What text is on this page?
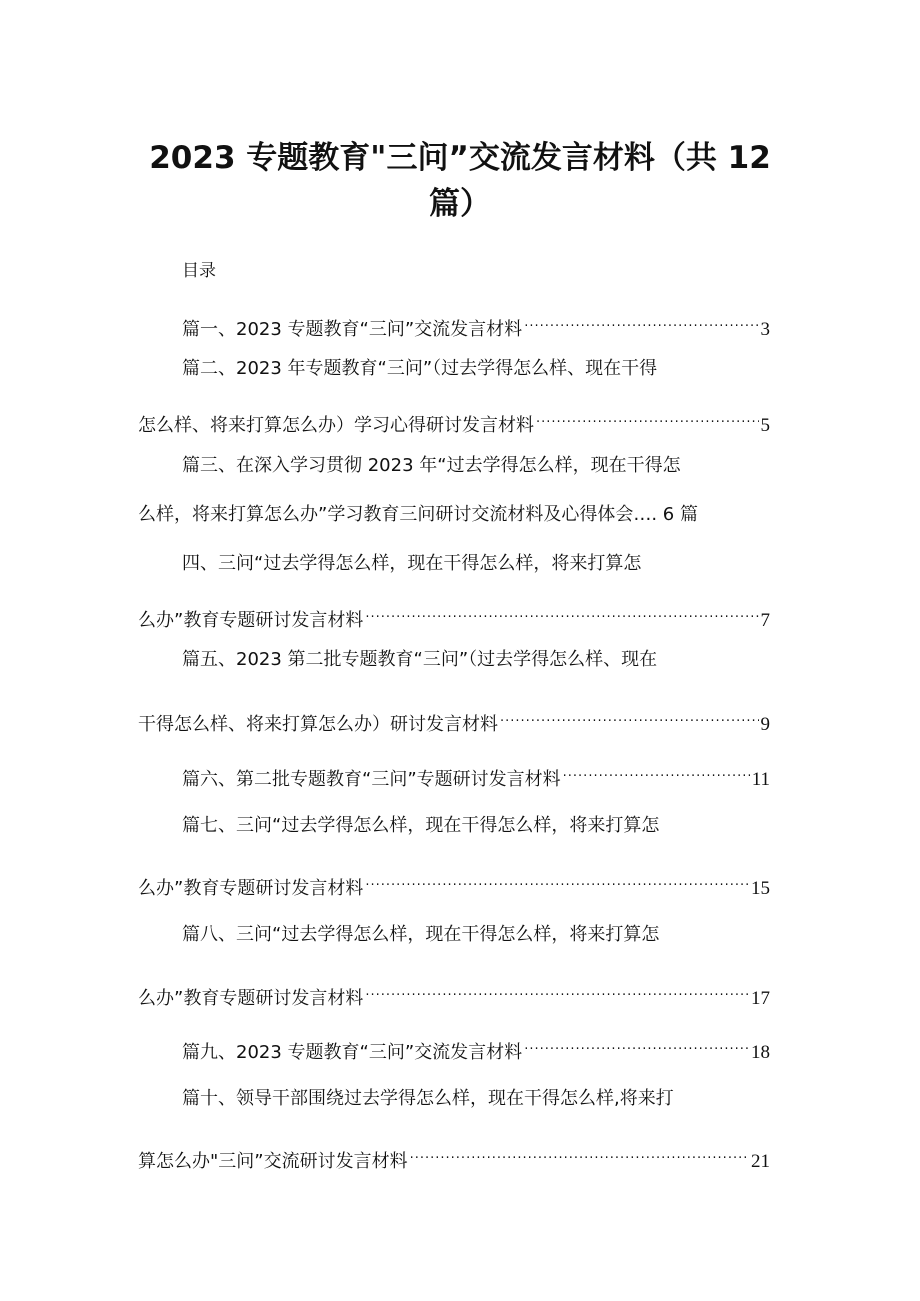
2023 专题教育"三问”交流发言材料（共 12
篇）
目录
篇一、2023 专题教育“三问”交流发言材料 .....	3
篇二、2023 年专题教育“三问”（过去学得怎么样、现在干得
怎么样、将来打算怎么办）学习心得研讨发言材料 .....	5
篇三、在深入学习贯彻 2023 年“过去学得怎么样，现在干得怎
么样，将来打算怎么办”学习教育三问研讨交流材料及心得体会…. 6 篇
四、三问“过去学得怎么样，现在干得怎么样，将来打算怎
么办”教育专题研讨发言材料 .....	7
篇五、2023 第二批专题教育“三问”（过去学得怎么样、现在
干得怎么样、将来打算怎么办）研讨发言材料 .....	9
篇六、第二批专题教育“三问”专题研讨发言材料 .....	11
篇七、三问“过去学得怎么样，现在干得怎么样，将来打算怎
么办”教育专题研讨发言材料 .....	15
篇八、三问“过去学得怎么样，现在干得怎么样，将来打算怎
么办”教育专题研讨发言材料 .....	17
篇九、2023 专题教育“三问”交流发言材料 .....	18
篇十、领导干部围绕过去学得怎么样，现在干得怎么样,将来打
算怎么办"三问”交流研讨发言材料 .....	21
